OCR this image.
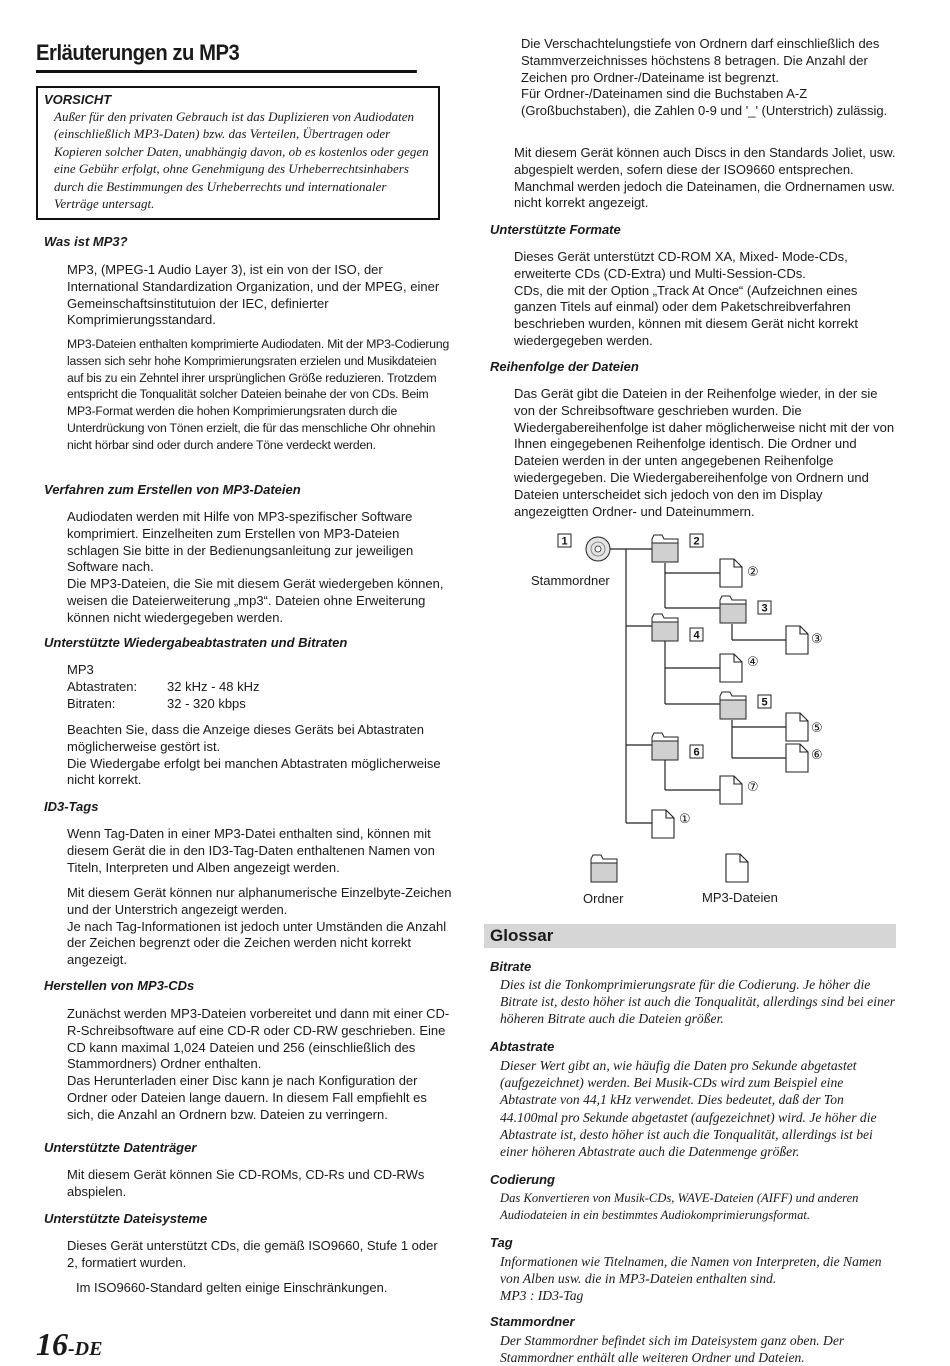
Erläuterungen zu MP3
VORSICHT
Außer für den privaten Gebrauch ist das Duplizieren von Audiodaten (einschließlich MP3-Daten) bzw. das Verteilen, Übertragen oder Kopieren solcher Daten, unabhängig davon, ob es kostenlos oder gegen eine Gebühr erfolgt, ohne Genehmigung des Urheberrechtsinhabers durch die Bestimmungen des Urheberrechts und internationaler Verträge untersagt.
Was ist MP3?
MP3, (MPEG-1 Audio Layer 3), ist ein von der ISO, der International Standardization Organization, und der MPEG, einer Gemeinschaftsinstitutuion der IEC, definierter Komprimierungsstandard.
MP3-Dateien enthalten komprimierte Audiodaten. Mit der MP3-Codierung lassen sich sehr hohe Komprimierungsraten erzielen und Musikdateien auf bis zu ein Zehntel ihrer ursprünglichen Größe reduzieren. Trotzdem entspricht die Tonqualität solcher Dateien beinahe der von CDs. Beim MP3-Format werden die hohen Komprimierungsraten durch die Unterdrückung von Tönen erzielt, die für das menschliche Ohr ohnehin nicht hörbar sind oder durch andere Töne verdeckt werden.
Verfahren zum Erstellen von MP3-Dateien
Audiodaten werden mit Hilfe von MP3-spezifischer Software komprimiert. Einzelheiten zum Erstellen von MP3-Dateien schlagen Sie bitte in der Bedienungsanleitung zur jeweiligen Software nach.
Die MP3-Dateien, die Sie mit diesem Gerät wiedergeben können, weisen die Dateierweiterung „mp3“. Dateien ohne Erweiterung können nicht wiedergegeben werden.
Unterstützte Wiedergabeabtastraten und Bitraten
MP3
Abtastraten: 32 kHz - 48 kHz
Bitraten:	32 - 320 kbps
Beachten Sie, dass die Anzeige dieses Geräts bei Abtastraten möglicherweise gestört ist.
Die Wiedergabe erfolgt bei manchen Abtastraten möglicherweise nicht korrekt.
ID3-Tags
Wenn Tag-Daten in einer MP3-Datei enthalten sind, können mit diesem Gerät die in den ID3-Tag-Daten enthaltenen Namen von Titeln, Interpreten und Alben angezeigt werden.
Mit diesem Gerät können nur alphanumerische Einzelbyte-Zeichen und der Unterstrich angezeigt werden.
Je nach Tag-Informationen ist jedoch unter Umständen die Anzahl der Zeichen begrenzt oder die Zeichen werden nicht korrekt angezeigt.
Herstellen von MP3-CDs
Zunächst werden MP3-Dateien vorbereitet und dann mit einer CD-R-Schreibsoftware auf eine CD-R oder CD-RW geschrieben. Eine CD kann maximal 1,024 Dateien und 256 (einschließlich des Stammordners) Ordner enthalten.
Das Herunterladen einer Disc kann je nach Konfiguration der Ordner oder Dateien lange dauern. In diesem Fall empfiehlt es sich, die Anzahl an Ordnern bzw. Dateien zu verringern.
Unterstützte Datenträger
Mit diesem Gerät können Sie CD-ROMs, CD-Rs und CD-RWs abspielen.
Unterstützte Dateisysteme
Dieses Gerät unterstützt CDs, die gemäß ISO9660, Stufe 1 oder 2, formatiert wurden.
Im ISO9660-Standard gelten einige Einschränkungen.
Die Verschachtelungstiefe von Ordnern darf einschließlich des Stammverzeichnisses höchstens 8 betragen. Die Anzahl der Zeichen pro Ordner-/Dateiname ist begrenzt.
Für Ordner-/Dateinamen sind die Buchstaben A-Z (Großbuchstaben), die Zahlen 0-9 und '_' (Unterstrich) zulässig.
Mit diesem Gerät können auch Discs in den Standards Joliet, usw. abgespielt werden, sofern diese der ISO9660 entsprechen. Manchmal werden jedoch die Dateinamen, die Ordnernamen usw. nicht korrekt angezeigt.
Unterstützte Formate
Dieses Gerät unterstützt CD-ROM XA, Mixed- Mode-CDs, erweiterte CDs (CD-Extra) und Multi-Session-CDs.
CDs, die mit der Option „Track At Once“ (Aufzeichnen eines ganzen Titels auf einmal) oder dem Paketschreibverfahren beschrieben wurden, können mit diesem Gerät nicht korrekt wiedergegeben werden.
Reihenfolge der Dateien
Das Gerät gibt die Dateien in der Reihenfolge wieder, in der sie von der Schreibsoftware geschrieben wurden. Die Wiedergabereihenfolge ist daher möglicherweise nicht mit der von Ihnen eingegebenen Reihenfolge identisch. Die Ordner und Dateien werden in der unten angegebenen Reihenfolge wiedergegeben. Die Wiedergabereihenfolge von Ordnern und Dateien unterscheidet sich jedoch von den im Display angezeigtten Ordner- und Dateinummern.
1	2
3
4
5
6
①
②
③
④
⑤
⑥
⑦
Stammordner
Ordner	MP3-Dateien
Glossar
Bitrate
Dies ist die Tonkomprimierungsrate für die Codierung. Je höher die Bitrate ist, desto höher ist auch die Tonqualität, allerdings sind bei einer höheren Bitrate auch die Dateien größer.
Abtastrate
Dieser Wert gibt an, wie häufig die Daten pro Sekunde abgetastet (aufgezeichnet) werden. Bei Musik-CDs wird zum Beispiel eine Abtastrate von 44,1 kHz verwendet. Dies bedeutet, daß der Ton 44.100mal pro Sekunde abgetastet (aufgezeichnet) wird. Je höher die Abtastrate ist, desto höher ist auch die Tonqualität, allerdings ist bei einer höheren Abtastrate auch die Datenmenge größer.
Codierung
Das Konvertieren von Musik-CDs, WAVE-Dateien (AIFF) und anderen Audiodateien in ein bestimmtes Audiokomprimierungsformat.
Tag
Informationen wie Titelnamen, die Namen von Interpreten, die Namen von Alben usw. die in MP3-Dateien enthalten sind.
MP3 : ID3-Tag
Stammordner
Der Stammordner befindet sich im Dateisystem ganz oben. Der Stammordner enthält alle weiteren Ordner und Dateien.
16-DE
